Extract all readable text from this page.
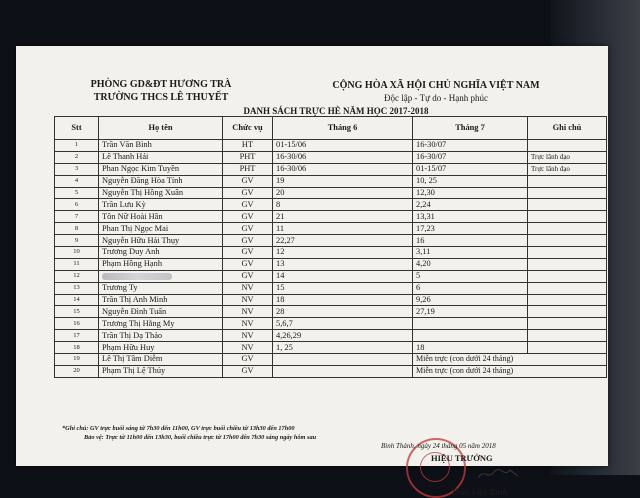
PHÒNG GD&ĐT HƯƠNG TRÀ
TRƯỜNG THCS LÊ THUYẾT
CỘNG HÒA XÃ HỘI CHỦ NGHĨA VIỆT NAM
Độc lập - Tự do - Hạnh phúc
DANH SÁCH TRỰC HÈ NĂM HỌC 2017-2018
Stt	Họ tên	Chức vụ	Tháng 6	Tháng 7	Ghi chú
1	Trần Văn Bình	HT	01-15/06	16-30/07	
2	Lê Thanh Hải	PHT	16-30/06	16-30/07	Trực lãnh đạo
3	Phan Ngọc Kim Tuyền	PHT	16-30/06	01-15/07	Trực lãnh đạo
4	Nguyễn Đăng Hòa Tính	GV	19	10, 25	
5	Nguyễn Thị Hồng Xuân	GV	20	12,30	
6	Trần Lưu Kỳ	GV	8	2,24	
7	Tôn Nữ Hoài Hân	GV	21	13,31	
8	Phan Thị Ngọc Mai	GV	11	17,23	
9	Nguyễn Hữu Hải Thụy	GV	22,27	16	
10	Trương Duy Anh	GV	12	3,11	
11	Phạm Hồng Hạnh	GV	13	4,20	
12		GV	14	5	
13	Trương Ty	NV	15	6	
14	Trần Thị Anh Minh	NV	18	9,26	
15	Nguyễn Đình Tuấn	NV	28	27,19	
16	Trương Thị Hằng My	NV	5,6,7		
17	Trần Thị Dạ Thảo	NV	4,26,29		
18	Phạm Hữu Huy	NV	1, 25	18	
19	Lê Thị Tâm Diễm	GV		Miễn trực (con dưới 24 tháng)	
20	Phạm Thị Lệ Thủy	GV		Miễn trực (con dưới 24 tháng)	
*Ghi chú: GV trực buổi sáng từ 7h30 đến 11h00, GV trực buổi chiều từ 13h30 đến 17h00
Bảo vệ: Trực từ 11h00 đến 13h30, buổi chiều trực từ 17h00 đến 7h30 sáng ngày hôm sau
Bình Thành, ngày 24 tháng 05 năm 2018
HIỆU TRƯỞNG
Trần Văn Bình
